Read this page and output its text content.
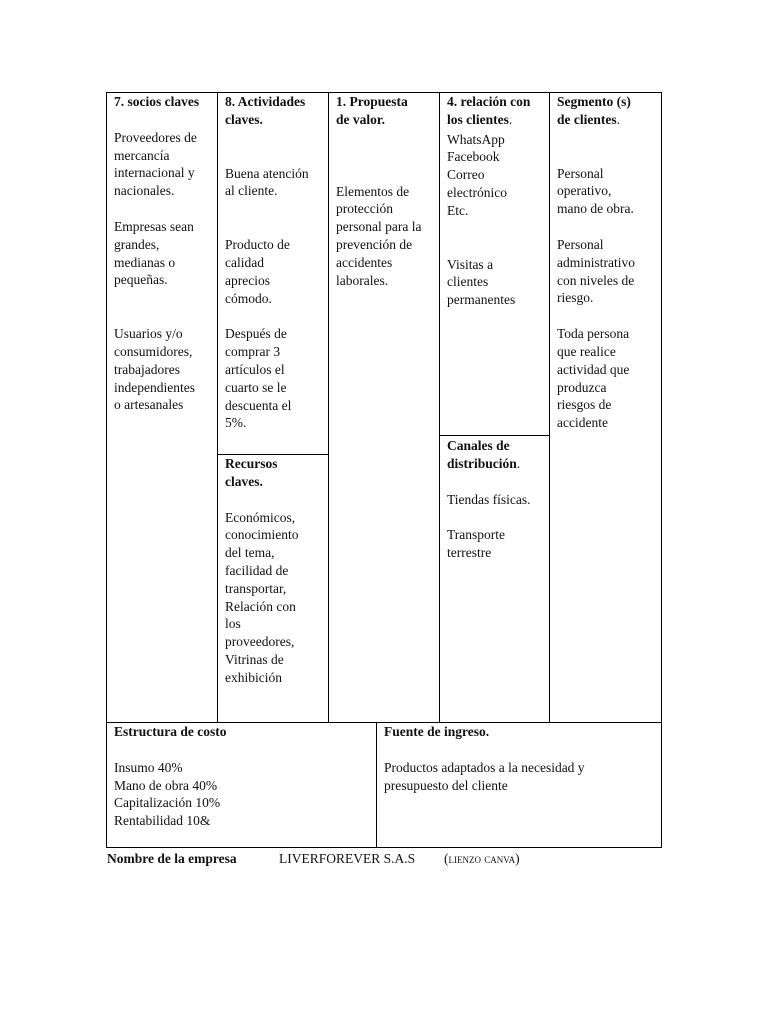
7. socios claves

Proveedores de
mercancía
internacional y
nacionales.

Empresas sean
grandes,
medianas o
pequeñas.

Usuarios y/o
consumidores,
trabajadores
independientes
o artesanales

8. Actividades
claves.

Buena atención
al cliente.

Producto de
calidad
aprecios
cómodo.

Después de
comprar 3
artículos el
cuarto se le
descuenta el
5%.

Recursos
claves.

Económicos,
conocimiento
del tema,
facilidad de
transportar,
Relación con
los
proveedores,
Vitrinas de
exhibición

1. Propuesta
de valor.

Elementos de
protección
personal para la
prevención de
accidentes
laborales.

4. relación con
los clientes.

WhatsApp
Facebook
Correo
electrónico
Etc.

Visitas a
clientes
permanentes

Canales de
distribución.

Tiendas físicas.

Transporte
terrestre

Segmento (s)
de clientes.

Personal
operativo,
mano de obra.

Personal
administrativo
con niveles de
riesgo.

Toda persona
que realice
actividad que
produzca
riesgos de
accidente

Estructura de costo

Insumo 40%
Mano de obra 40%
Capitalización 10%
Rentabilidad 10&

Fuente de ingreso.

Productos adaptados a la necesidad y
presupuesto del cliente

Nombre de la empresa	LIVERFOREVER S.A.S (lienzo canva)
